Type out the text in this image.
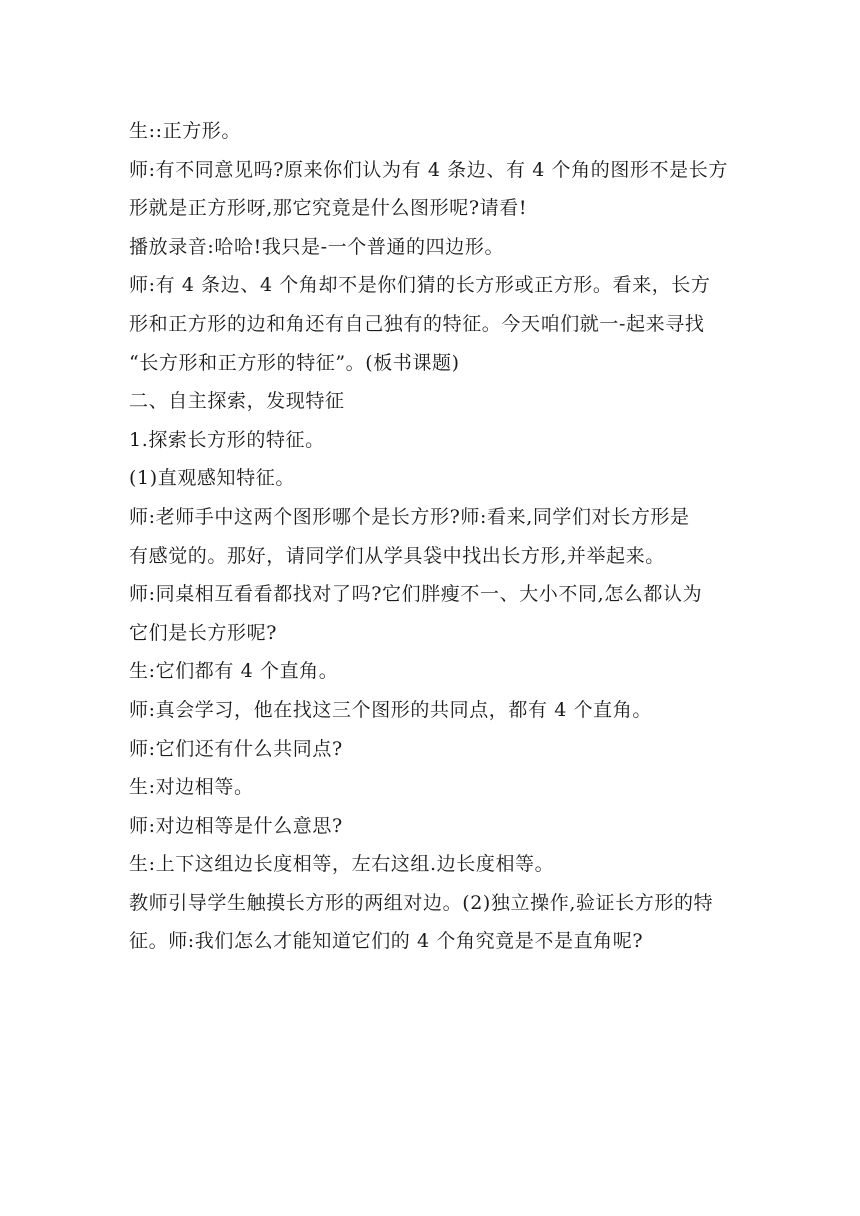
生::正方形。

师:有不同意见吗?原来你们认为有 4 条边、有 4 个角的图形不是长方

形就是正方形呀,那它究竟是什么图形呢?请看!

播放录音:哈哈!我只是-一个普通的四边形。

师:有 4 条边、4 个角却不是你们猜的长方形或正方形。看来，长方

形和正方形的边和角还有自己独有的特征。今天咱们就一-起来寻找

“长方形和正方形的特征”。(板书课题)

二、自主探索，发现特征

1.探索长方形的特征。

(1)直观感知特征。

师:老师手中这两个图形哪个是长方形?师:看来,同学们对长方形是

有感觉的。那好，请同学们从学具袋中找出长方形,并举起来。

师:同桌相互看看都找对了吗?它们胖瘦不一、大小不同,怎么都认为

它们是长方形呢?

生:它们都有 4 个直角。

师:真会学习，他在找这三个图形的共同点，都有 4 个直角。

师:它们还有什么共同点?

生:对边相等。

师:对边相等是什么意思?

生:上下这组边长度相等，左右这组.边长度相等。

教师引导学生触摸长方形的两组对边。(2)独立操作,验证长方形的特

征。师:我们怎么才能知道它们的 4 个角究竟是不是直角呢?
